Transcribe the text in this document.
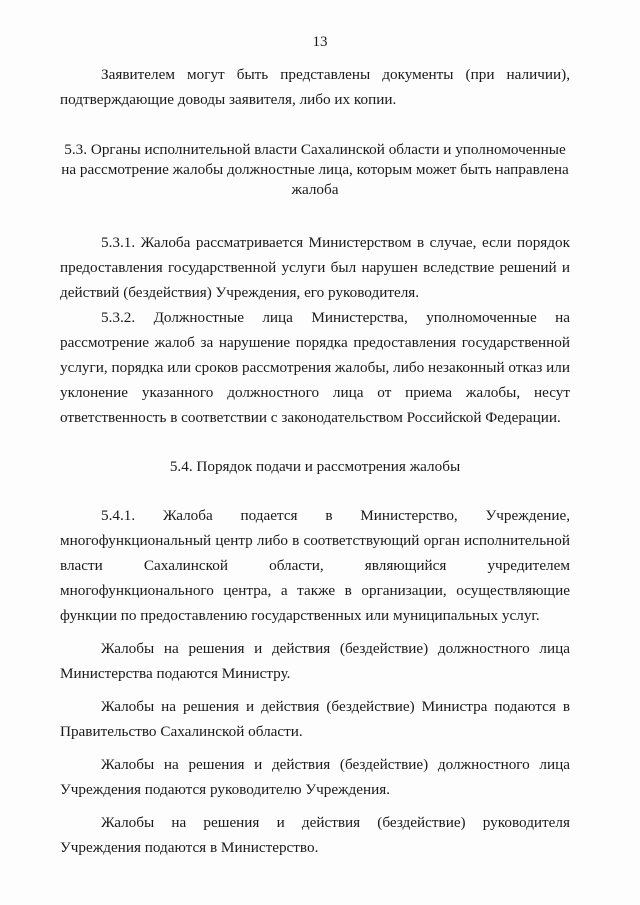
13

Заявителем могут быть представлены документы (при наличии), подтверждающие доводы заявителя, либо их копии.

5.3. Органы исполнительной власти Сахалинской области и уполномоченные на рассмотрение жалобы должностные лица, которым может быть направлена жалоба

5.3.1. Жалоба рассматривается Министерством в случае, если порядок предоставления государственной услуги был нарушен вследствие решений и действий (бездействия) Учреждения, его руководителя.

5.3.2. Должностные лица Министерства, уполномоченные на рассмотрение жалоб за нарушение порядка предоставления государственной услуги, порядка или сроков рассмотрения жалобы, либо незаконный отказ или уклонение указанного должностного лица от приема жалобы, несут ответственность в соответствии с законодательством Российской Федерации.

5.4. Порядок подачи и рассмотрения жалобы

5.4.1. Жалоба подается в Министерство, Учреждение, многофункциональный центр либо в соответствующий орган исполнительной власти Сахалинской области, являющийся учредителем многофункционального центра, а также в организации, осуществляющие функции по предоставлению государственных или муниципальных услуг.

Жалобы на решения и действия (бездействие) должностного лица Министерства подаются Министру.

Жалобы на решения и действия (бездействие) Министра подаются в Правительство Сахалинской области.

Жалобы на решения и действия (бездействие) должностного лица Учреждения подаются руководителю Учреждения.

Жалобы на решения и действия (бездействие) руководителя Учреждения подаются в Министерство.
